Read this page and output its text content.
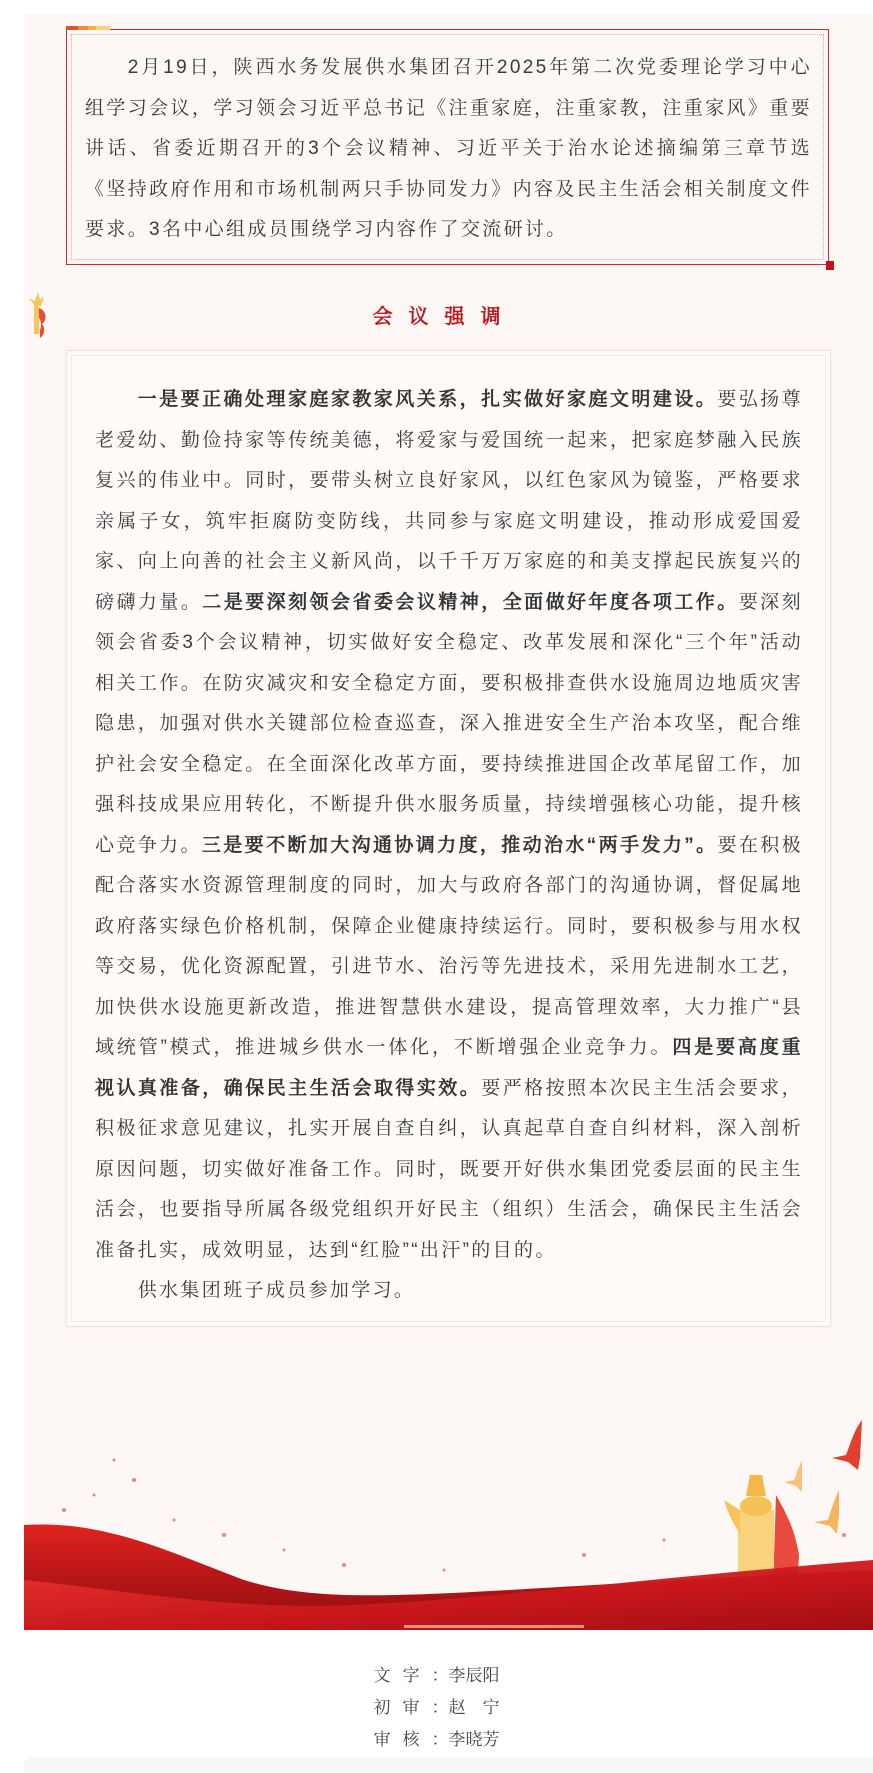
2月19日，陕西水务发展供水集团召开2025年第二次党委理论学习中心组学习会议，学习领会习近平总书记《注重家庭，注重家教，注重家风》重要讲话、省委近期召开的3个会议精神、习近平关于治水论述摘编第三章节选《坚持政府作用和市场机制两只手协同发力》内容及民主生活会相关制度文件要求。3名中心组成员围绕学习内容作了交流研讨。

会议强调

一是要正确处理家庭家教家风关系，扎实做好家庭文明建设。要弘扬尊老爱幼、勤俭持家等传统美德，将爱家与爱国统一起来，把家庭梦融入民族复兴的伟业中。同时，要带头树立良好家风，以红色家风为镜鉴，严格要求亲属子女，筑牢拒腐防变防线，共同参与家庭文明建设，推动形成爱国爱家、向上向善的社会主义新风尚，以千千万万家庭的和美支撑起民族复兴的磅礴力量。二是要深刻领会省委会议精神，全面做好年度各项工作。要深刻领会省委3个会议精神，切实做好安全稳定、改革发展和深化“三个年”活动相关工作。在防灾减灾和安全稳定方面，要积极排查供水设施周边地质灾害隐患，加强对供水关键部位检查巡查，深入推进安全生产治本攻坚，配合维护社会安全稳定。在全面深化改革方面，要持续推进国企改革尾留工作，加强科技成果应用转化，不断提升供水服务质量，持续增强核心功能，提升核心竞争力。三是要不断加大沟通协调力度，推动治水“两手发力”。要在积极配合落实水资源管理制度的同时，加大与政府各部门的沟通协调，督促属地政府落实绿色价格机制，保障企业健康持续运行。同时，要积极参与用水权等交易，优化资源配置，引进节水、治污等先进技术，采用先进制水工艺，加快供水设施更新改造，推进智慧供水建设，提高管理效率，大力推广“县域统管”模式，推进城乡供水一体化，不断增强企业竞争力。四是要高度重视认真准备，确保民主生活会取得实效。要严格按照本次民主生活会要求，积极征求意见建议，扎实开展自查自纠，认真起草自查自纠材料，深入剖析原因问题，切实做好准备工作。同时，既要开好供水集团党委层面的民主生活会，也要指导所属各级党组织开好民主（组织）生活会，确保民主生活会准备扎实，成效明显，达到“红脸”“出汗”的目的。

供水集团班子成员参加学习。

文字：李辰阳
初审：赵　宁
审核：李晓芳
